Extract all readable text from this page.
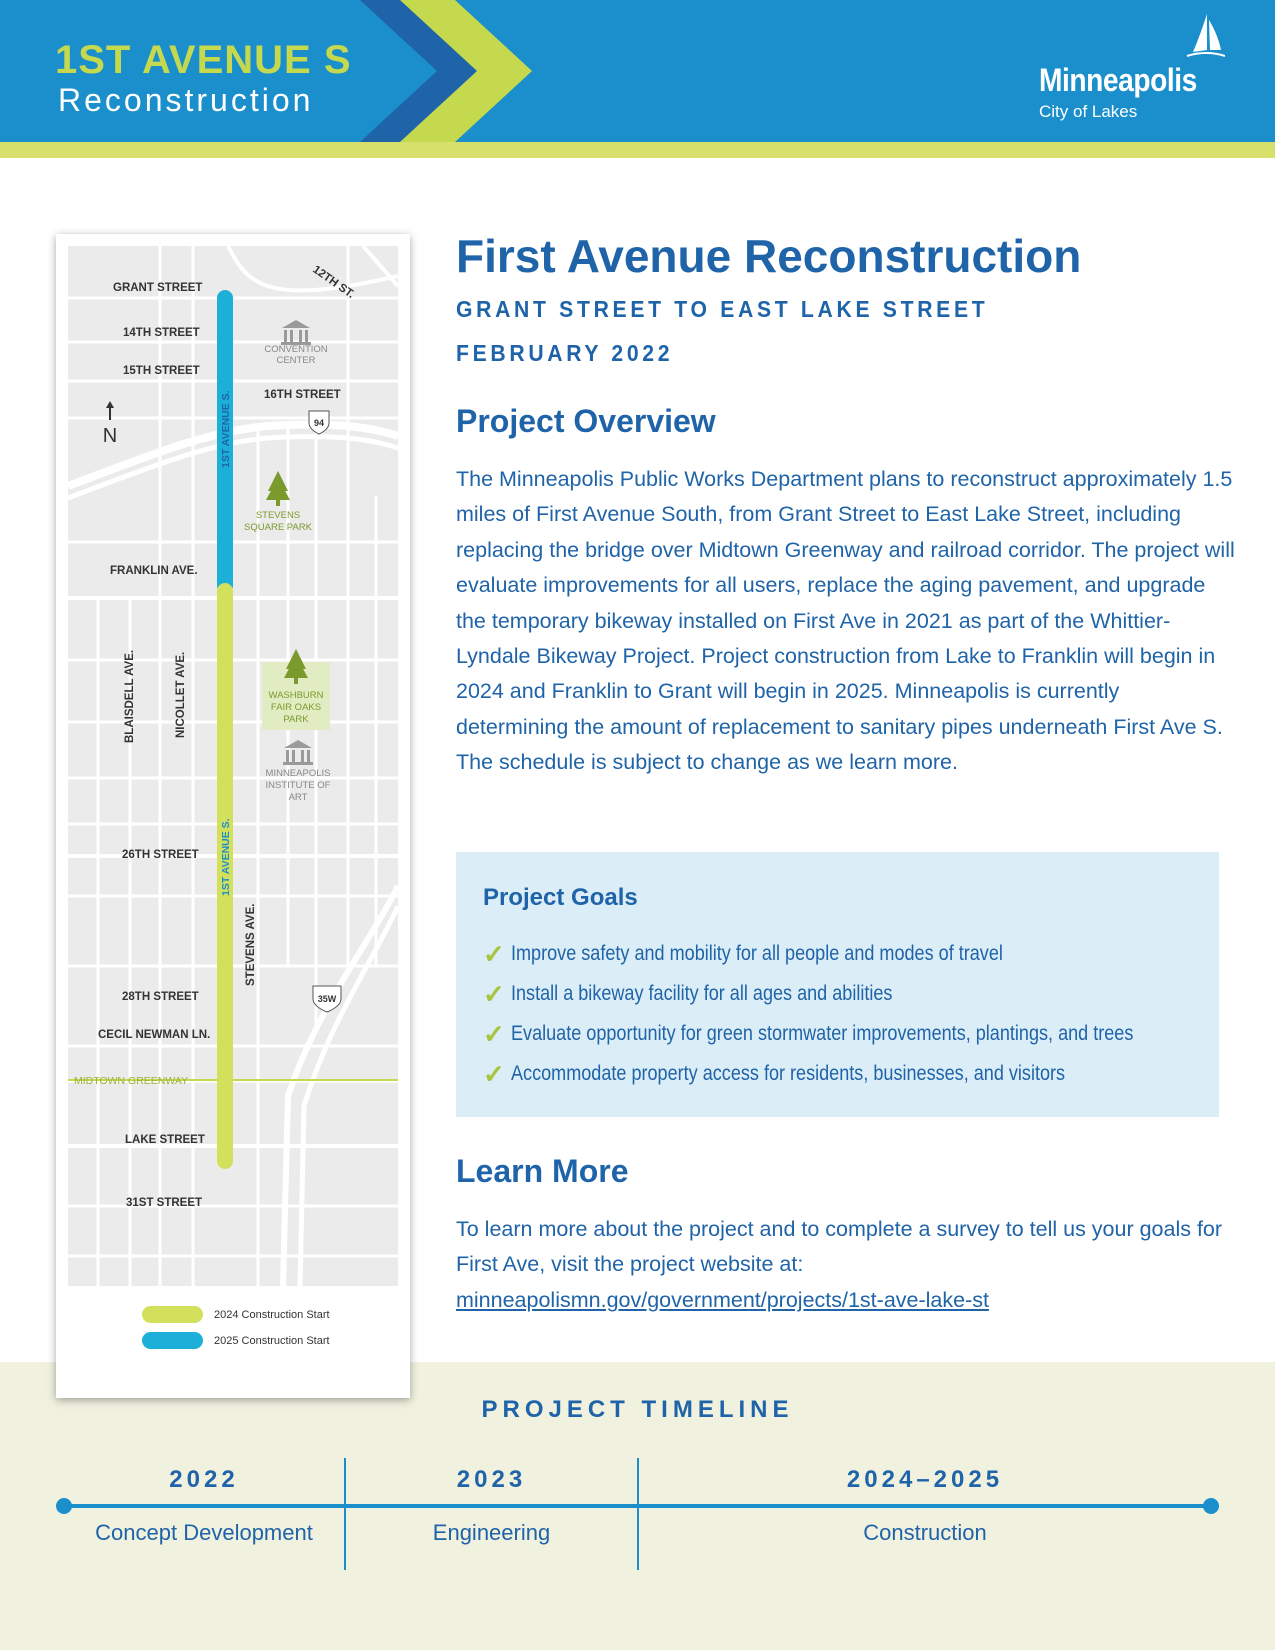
1ST AVENUE S
Reconstruction
Minneapolis
City of Lakes
GRANT STREET	12TH ST.
14TH STREET
15TH STREET
16TH STREET
FRANKLIN AVE.
26TH STREET
28TH STREET
CECIL NEWMAN LN.
MIDTOWN GREENWAY
LAKE STREET
31ST STREET
BLAISDELL AVE.	NICOLLET AVE.
STEVENS AVE.
1ST AVENUE S.
1ST AVENUE S.
CONVENTION
CENTER
94
N
STEVENS
SQUARE PARK
WASHBURN
FAIR OAKS
PARK
MINNEAPOLIS
INSTITUTE OF
ART
35W
2024 Construction Start
2025 Construction Start
First Avenue Reconstruction
GRANT STREET TO EAST LAKE STREET
FEBRUARY 2022
Project Overview

The Minneapolis Public Works Department plans to reconstruct approximately 1.5 miles of First Avenue South, from Grant Street to East Lake Street, including replacing the bridge over Midtown Greenway and railroad corridor. The project will evaluate improvements for all users, replace the aging pavement, and upgrade the temporary bikeway installed on First Ave in 2021 as part of the Whittier-Lyndale Bikeway Project. Project construction from Lake to Franklin will begin in 2024 and Franklin to Grant will begin in 2025. Minneapolis is currently determining the amount of replacement to sanitary pipes underneath First Ave S. The schedule is subject to change as we learn more.

Project Goals
✓ Improve safety and mobility for all people and modes of travel
✓ Install a bikeway facility for all ages and abilities
✓ Evaluate opportunity for green stormwater improvements, plantings, and trees
✓ Accommodate property access for residents, businesses, and visitors
Learn More
To learn more about the project and to complete a survey to tell us your goals for First Ave, visit the project website at:
minneapolismn.gov/government/projects/1st-ave-lake-st
PROJECT TIMELINE
2022
Concept Development
2023
Engineering
2024–2025
Construction
